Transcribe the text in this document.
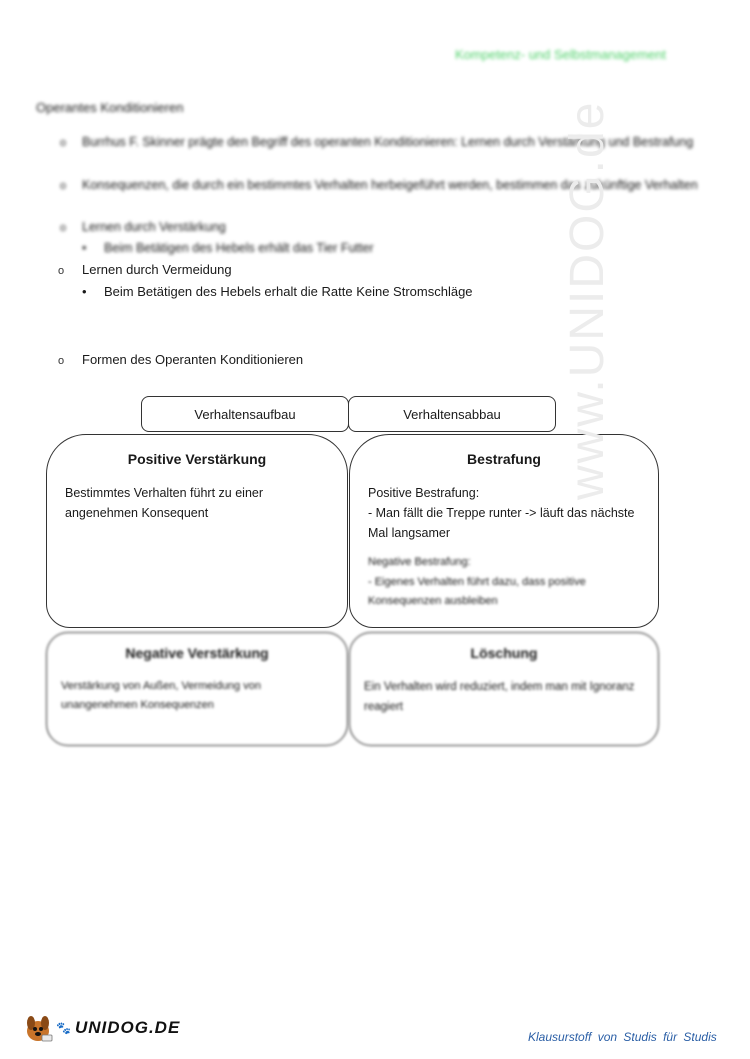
Kompetenz- und Selbstmanagement
Operantes Konditionieren
o Burrhus F. Skinner prägte den Begriff des operanten Konditionieren: Lernen durch Verstärkung und Bestrafung
o Konsequenzen, die durch ein bestimmtes Verhalten herbeigeführt werden, bestimmen das zukünftige Verhalten
o Lernen durch Verstärkung
• Beim Betätigen des Hebels erhält das Tier Futter
o Lernen durch Vermeidung
• Beim Betätigen des Hebels erhalt die Ratte Keine Stromschläge
o Formen des Operanten Konditionieren
Verhaltensaufbau	Verhaltensabbau
Positive Verstärkung
Bestimmtes Verhalten führt zu einer angenehmen Konsequent
Bestrafung
Positive Bestrafung:
- Man fällt die Treppe runter -> läuft das nächste Mal langsamer
Negative Bestrafung:
- Eigenes Verhalten führt dazu, dass positive Konsequenzen ausbleiben
Negative Verstärkung
Verstärkung von Außen, Vermeidung von unangenehmen Konsequenzen
Löschung
Ein Verhalten wird reduziert, indem man mit Ignoranz reagiert
www.UNIDOG.de
🐾 UNIDOG.DE	Klausurstoff von Studis für Studis
